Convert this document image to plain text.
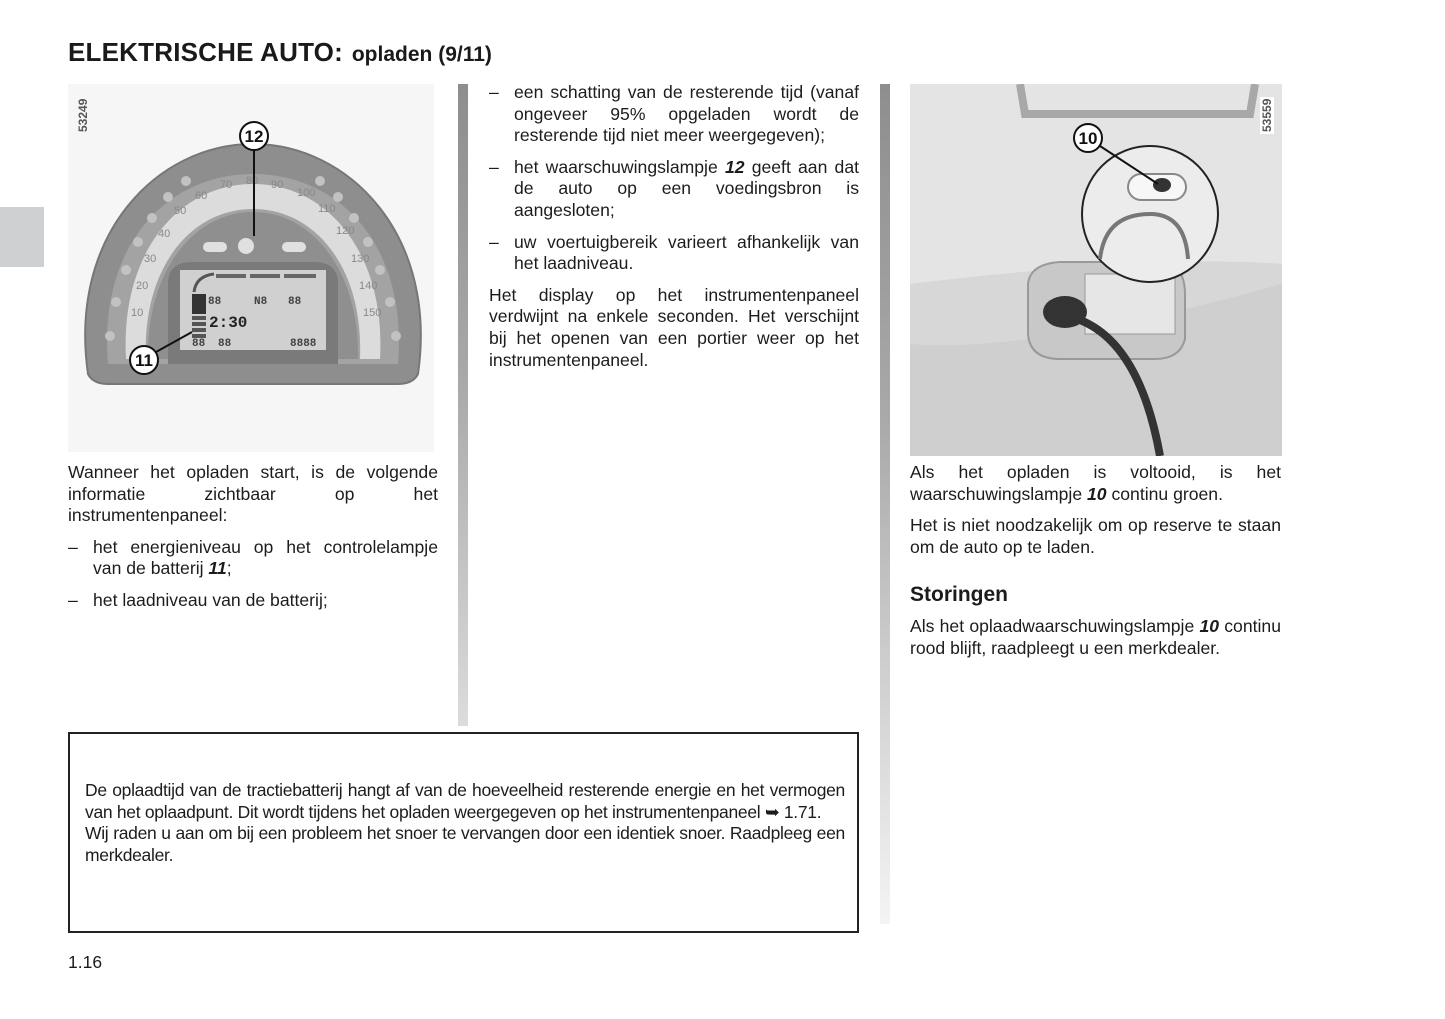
ELEKTRISCHE AUTO: opladen (9/11)
53249
10
20
30
40
50
60
70 80 90
100
110
120
130
140
150
2:30
88	N8 88
88 88	8888
12
11
10
53559

Wanneer het opladen start, is de volgende informatie zichtbaar op het instrumentenpaneel:

– het energieniveau op het controlelampje van de batterij 11;
– het laadniveau van de batterij;
– een schatting van de resterende tijd (vanaf ongeveer 95% opgeladen wordt de resterende tijd niet meer weergegeven);
– het waarschuwingslampje 12 geeft aan dat de auto op een voedingsbron is aangesloten;
– uw voertuigbereik varieert afhankelijk van het laadniveau.

Het display op het instrumentenpaneel verdwijnt na enkele seconden. Het verschijnt bij het openen van een portier weer op het instrumentenpaneel.

Als het opladen is voltooid, is het waarschuwingslampje 10 continu groen.

Het is niet noodzakelijk om op reserve te staan om de auto op te laden.

Storingen

Als het oplaadwaarschuwingslampje 10 continu rood blijft, raadpleegt u een merkdealer.

De oplaadtijd van de tractiebatterij hangt af van de hoeveelheid resterende energie en het vermogen van het oplaadpunt. Dit wordt tijdens het opladen weergegeven op het instrumentenpaneel ➥ 1.71.

Wij raden u aan om bij een probleem het snoer te vervangen door een identiek snoer. Raadpleeg een merkdealer.

1.16
